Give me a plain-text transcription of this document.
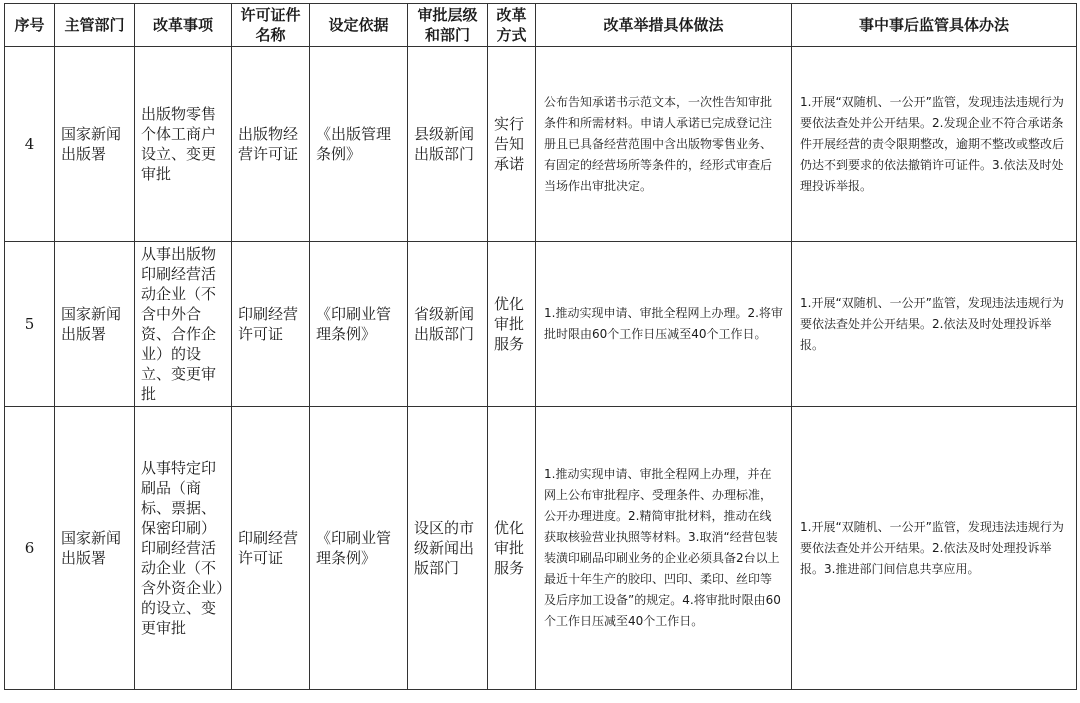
序号	主管部门	改革事项	许可证件名称	设定依据	审批层级和部门	改革方式	改革举措具体做法	事中事后监管具体办法
4	国家新闻出版署	出版物零售个体工商户设立、变更审批	出版物经营许可证	《出版管理条例》	县级新闻出版部门	实行告知承诺	公布告知承诺书示范文本，一次性告知审批条件和所需材料。申请人承诺已完成登记注册且已具备经营范围中含出版物零售业务、有固定的经营场所等条件的，经形式审查后当场作出审批决定。	1.开展“双随机、一公开”监管，发现违法违规行为要依法查处并公开结果。2.发现企业不符合承诺条件开展经营的责令限期整改，逾期不整改或整改后仍达不到要求的依法撤销许可证件。3.依法及时处理投诉举报。
5	国家新闻出版署	从事出版物印刷经营活动企业（不含中外合资、合作企业）的设立、变更审批	印刷经营许可证	《印刷业管理条例》	省级新闻出版部门	优化审批服务	1.推动实现申请、审批全程网上办理。2.将审批时限由60个工作日压减至40个工作日。	1.开展“双随机、一公开”监管，发现违法违规行为要依法查处并公开结果。2.依法及时处理投诉举报。
6	国家新闻出版署	从事特定印刷品（商标、票据、保密印刷）印刷经营活动企业（不含外资企业）的设立、变更审批	印刷经营许可证	《印刷业管理条例》	设区的市级新闻出版部门	优化审批服务	1.推动实现申请、审批全程网上办理，并在网上公布审批程序、受理条件、办理标准，公开办理进度。2.精简审批材料，推动在线获取核验营业执照等材料。3.取消“经营包装装潢印刷品印刷业务的企业必须具备2台以上最近十年生产的胶印、凹印、柔印、丝印等及后序加工设备”的规定。4.将审批时限由60个工作日压减至40个工作日。	1.开展“双随机、一公开”监管，发现违法违规行为要依法查处并公开结果。2.依法及时处理投诉举报。3.推进部门间信息共享应用。
